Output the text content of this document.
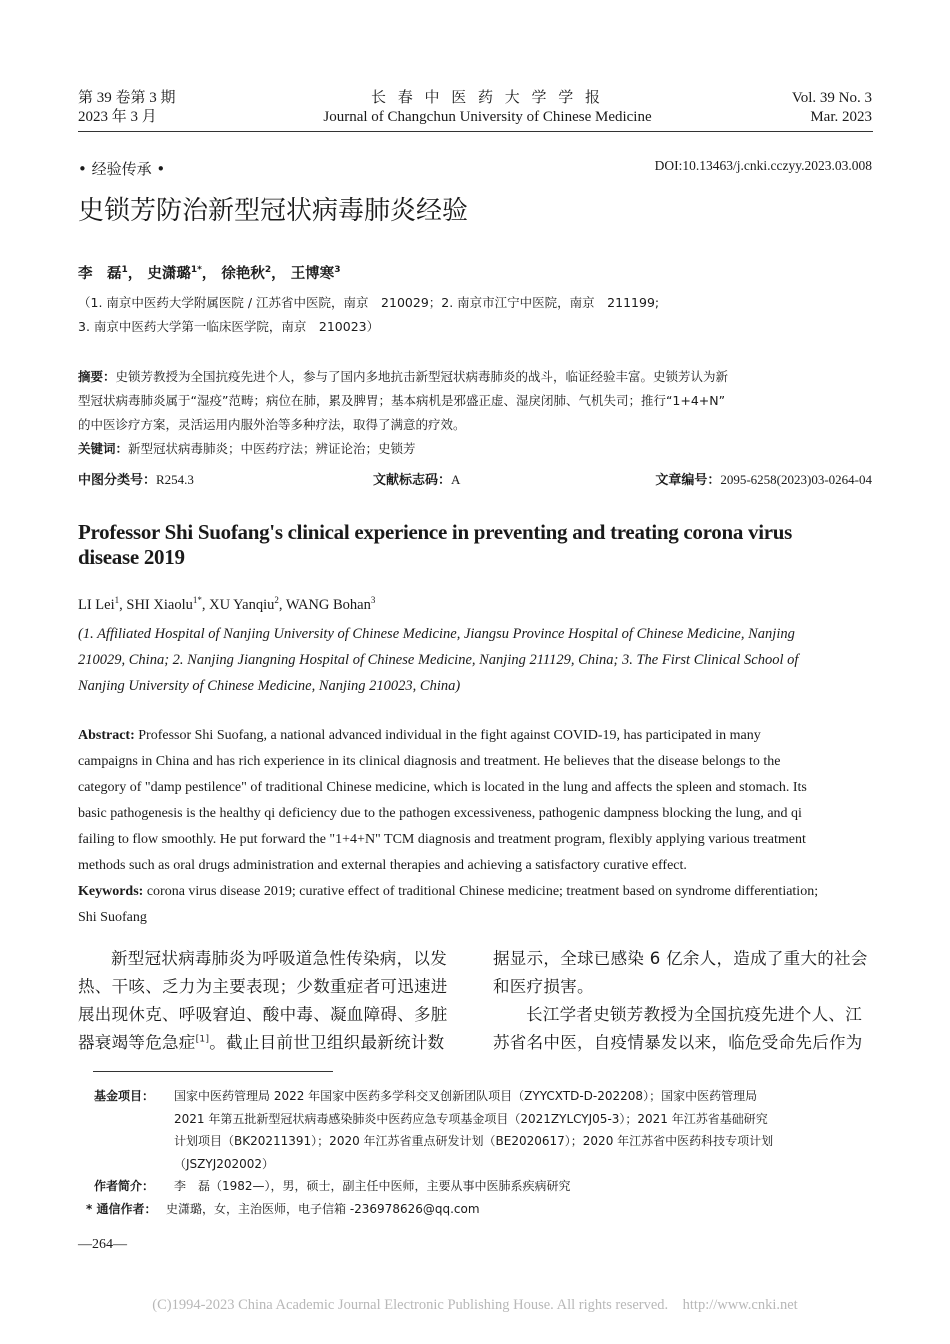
第 39 卷第 3 期
2023 年 3 月
长 春 中 医 药 大 学 学 报
Journal of Changchun University of Chinese Medicine
Vol. 39 No. 3
Mar. 2023
• 经验传承 •	DOI:10.13463/j.cnki.cczyy.2023.03.008
史锁芳防治新型冠状病毒肺炎经验
李　磊$^1$， 史潇璐$^{1*}$， 徐艳秋$^2$， 王博寒$^3$
（1. 南京中医药大学附属医院 / 江苏省中医院，南京　210029；2. 南京市江宁中医院，南京　211199;
3. 南京中医药大学第一临床医学院，南京　210023）
摘要：史锁芳教授为全国抗疫先进个人，参与了国内多地抗击新型冠状病毒肺炎的战斗，临证经验丰富。史锁芳认为新
型冠状病毒肺炎属于“湿疫”范畴；病位在肺，累及脾胃；基本病机是邪盛正虚、湿戾闭肺、气机失司；推行“1+4+N”
的中医诊疗方案，灵活运用内服外治等多种疗法，取得了满意的疗效。
关键词：新型冠状病毒肺炎；中医药疗法；辨证论治；史锁芳
中图分类号：R254.3	文献标志码：A	文章编号：2095-6258(2023)03-0264-04
Professor Shi Suofang's clinical experience in preventing and treating corona virus
disease 2019
LI Lei$^1$, SHI Xiaolu$^{1*}$, XU Yanqiu$^2$, WANG Bohan$^3$
(1. Affiliated Hospital of Nanjing University of Chinese Medicine, Jiangsu Province Hospital of Chinese Medicine, Nanjing
210029, China; 2. Nanjing Jiangning Hospital of Chinese Medicine, Nanjing 211129, China; 3. The First Clinical School of
Nanjing University of Chinese Medicine, Nanjing 210023, China)
Abstract: Professor Shi Suofang, a national advanced individual in the fight against COVID-19, has participated in many
campaigns in China and has rich experience in its clinical diagnosis and treatment. He believes that the disease belongs to the
category of "damp pestilence" of traditional Chinese medicine, which is located in the lung and affects the spleen and stomach. Its
basic pathogenesis is the healthy qi deficiency due to the pathogen excessiveness, pathogenic dampness blocking the lung, and qi
failing to flow smoothly. He put forward the "1+4+N" TCM diagnosis and treatment program, flexibly applying various treatment
methods such as oral drugs administration and external therapies and achieving a satisfactory curative effect.
Keywords: corona virus disease 2019; curative effect of traditional Chinese medicine; treatment based on syndrome differentiation;
Shi Suofang
新型冠状病毒肺炎为呼吸道急性传染病，以发
热、干咳、乏力为主要表现；少数重症者可迅速进
展出现休克、呼吸窘迫、酸中毒、凝血障碍、多脏
器衰竭等危急症[1]。截止目前世卫组织最新统计数
据显示，全球已感染 6 亿余人，造成了重大的社会
和医疗损害。
长江学者史锁芳教授为全国抗疫先进个人、江
苏省名中医，自疫情暴发以来，临危受命先后作为
基金项目： 国家中医药管理局 2022 年国家中医药多学科交叉创新团队项目（ZYYCXTD-D-202208）；国家中医药管理局
2021 年第五批新型冠状病毒感染肺炎中医药应急专项基金项目（2021ZYLCYJ05-3）；2021 年江苏省基础研究
计划项目（BK20211391）；2020 年江苏省重点研发计划（BE2020617）；2020 年江苏省中医药科技专项计划
（JSZYJ202002）
作者简介： 李　磊（1982—），男，硕士，副主任中医师，主要从事中医肺系疾病研究
* 通信作者： 史潇璐，女，主治医师，电子信箱 -236978626@qq.com
—264—
(C)1994-2023 China Academic Journal Electronic Publishing House. All rights reserved.    http://www.cnki.net
